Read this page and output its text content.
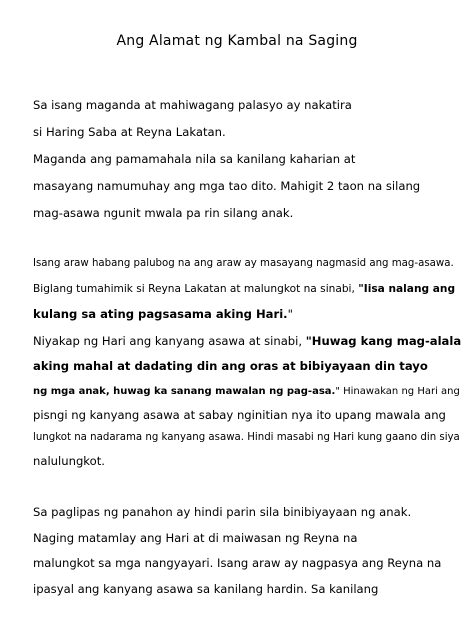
Ang Alamat ng Kambal na Saging
Sa isang maganda at mahiwagang palasyo ay nakatira
si Haring Saba at Reyna Lakatan.
Maganda ang pamamahala nila sa kanilang kaharian at
masayang namumuhay ang mga tao dito. Mahigit 2 taon na silang
mag-asawa ngunit mwala pa rin silang anak.
Isang araw habang palubog na ang araw ay masayang nagmasid ang mag-asawa.
Biglang tumahimik si Reyna Lakatan at malungkot na sinabi, "Iisa nalang ang
kulang sa ating pagsasama aking Hari."
Niyakap ng Hari ang kanyang asawa at sinabi, "Huwag kang mag-alala
aking mahal at dadating din ang oras at bibiyayaan din tayo
ng mga anak, huwag ka sanang mawalan ng pag-asa." Hinawakan ng Hari ang
pisngi ng kanyang asawa at sabay nginitian nya ito upang mawala ang
lungkot na nadarama ng kanyang asawa. Hindi masabi ng Hari kung gaano din siya
nalulungkot.
Sa paglipas ng panahon ay hindi parin sila binibiyayaan ng anak.
Naging matamlay ang Hari at di maiwasan ng Reyna na
malungkot sa mga nangyayari. Isang araw ay nagpasya ang Reyna na
ipasyal ang kanyang asawa sa kanilang hardin. Sa kanilang
